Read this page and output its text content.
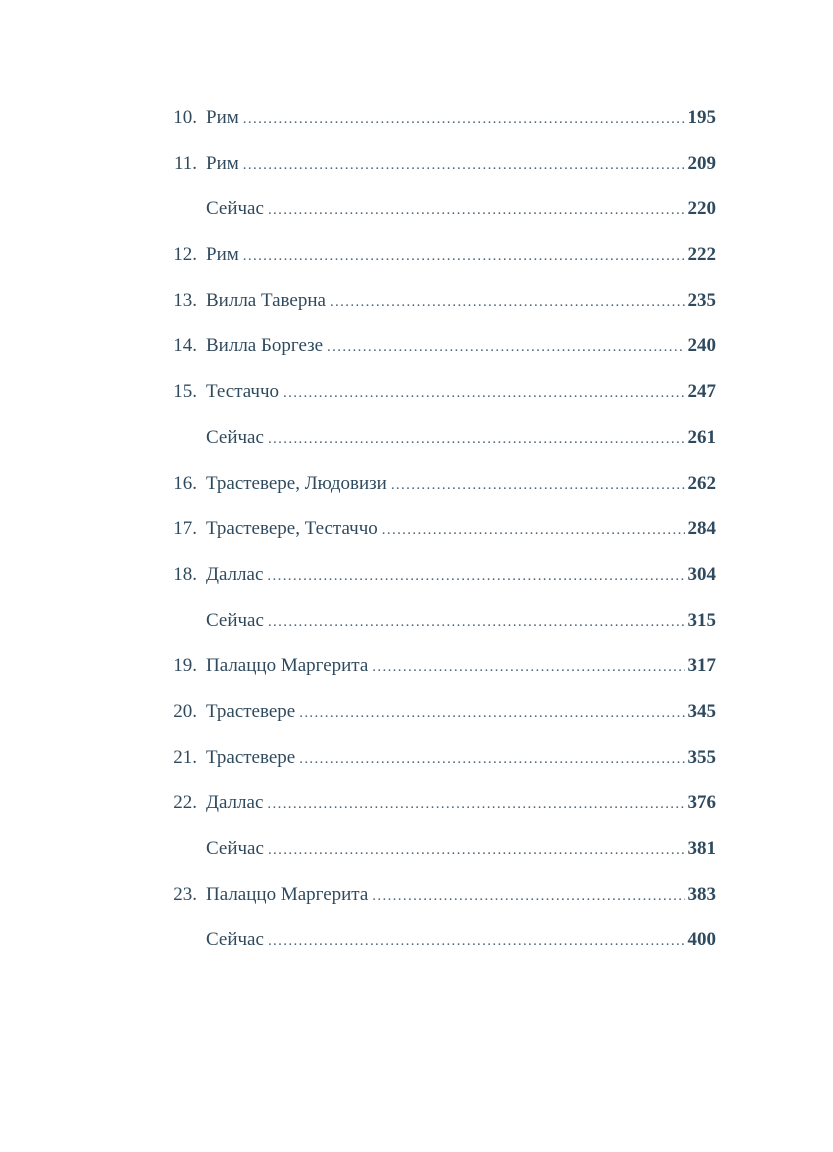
10. Рим . . .	195
11. Рим . . .	209
Сейчас . . .	220
12. Рим . . .	222
13. Вилла Таверна . . .	235
14. Вилла Боргезе . . .	240
15. Тестаччо . . .	247
Сейчас . . .	261
16. Трастевере, Людовизи . . .	262
17. Трастевере, Тестаччо . . .	284
18. Даллас . . .	304
Сейчас . . .	315
19. Палаццо Маргерита . . .	317
20. Трастевере . . .	345
21. Трастевере . . .	355
22. Даллас . . .	376
Сейчас . . .	381
23. Палаццо Маргерита . . .	383
Сейчас . . .	400
